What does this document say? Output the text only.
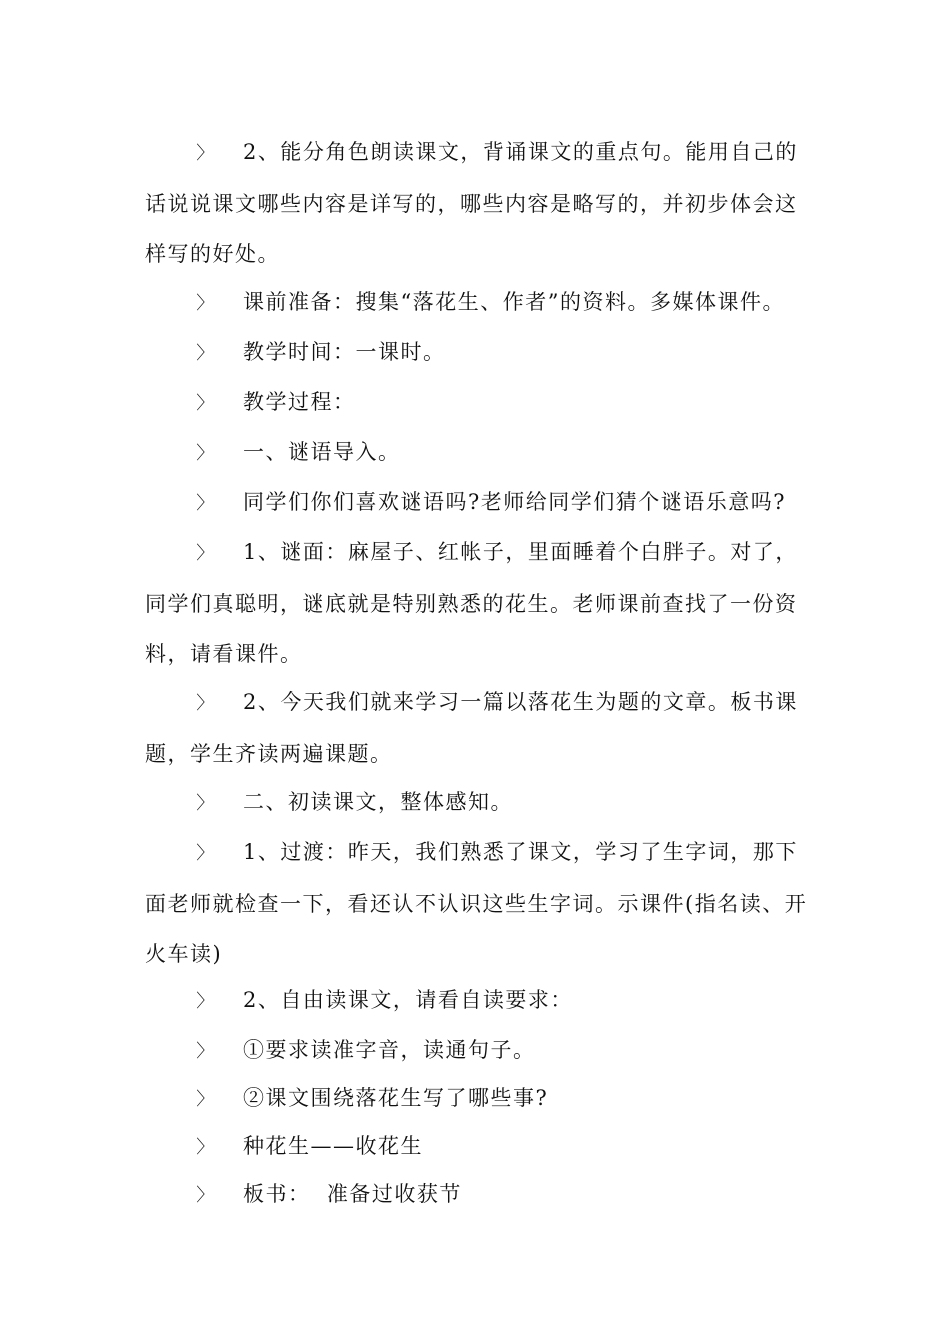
〉 2、能分角色朗读课文，背诵课文的重点句。能用自己的话说说课文哪些内容是详写的，哪些内容是略写的，并初步体会这样写的好处。
〉 课前准备：搜集“落花生、作者”的资料。多媒体课件。
〉 教学时间：一课时。
〉 教学过程：
〉 一、谜语导入。
〉 同学们你们喜欢谜语吗?老师给同学们猜个谜语乐意吗?
〉 1、谜面：麻屋子、红帐子，里面睡着个白胖子。对了，同学们真聪明，谜底就是特别熟悉的花生。老师课前查找了一份资料，请看课件。
〉 2、今天我们就来学习一篇以落花生为题的文章。板书课题，学生齐读两遍课题。
〉 二、初读课文，整体感知。
〉 1、过渡：昨天，我们熟悉了课文，学习了生字词，那下面老师就检查一下，看还认不认识这些生字词。示课件(指名读、开火车读)
〉 2、自由读课文，请看自读要求：
〉 ①要求读准字音，读通句子。
〉 ②课文围绕落花生写了哪些事?
〉 种花生——收花生
〉 板书：  准备过收获节
